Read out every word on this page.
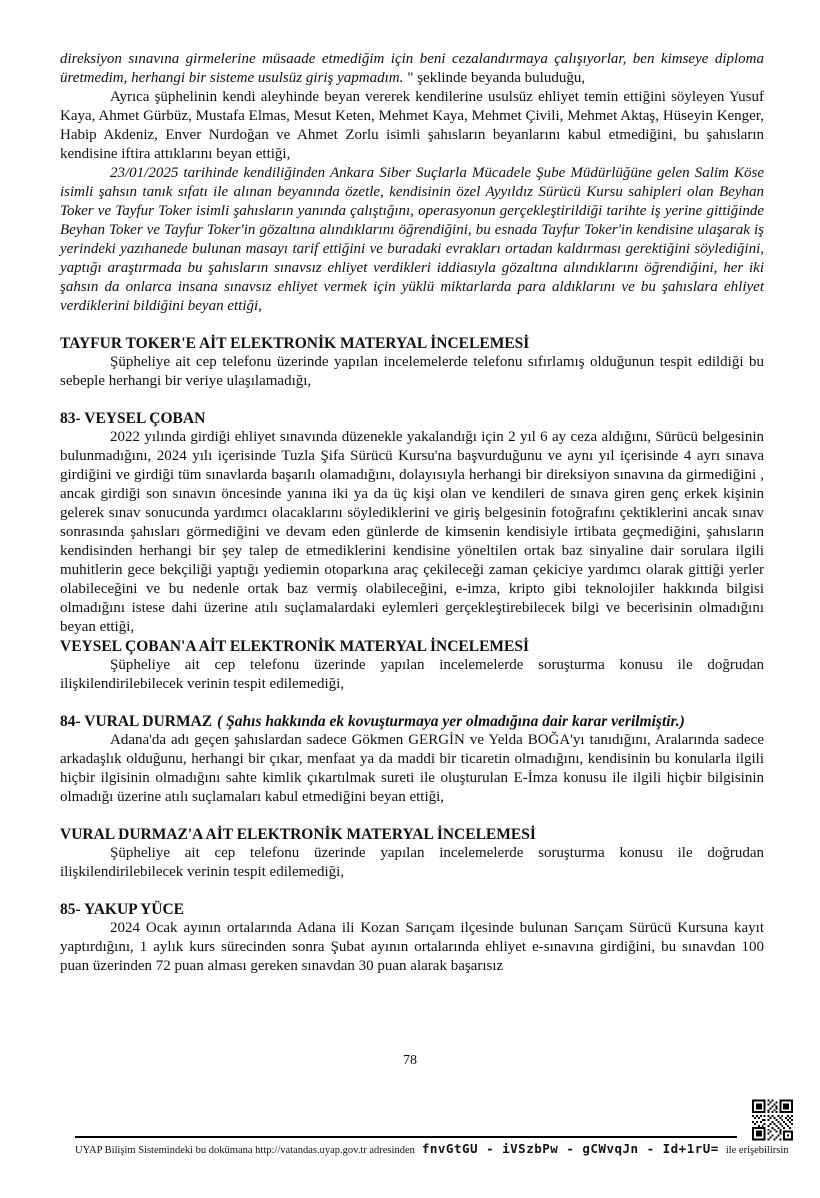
direksiyon sınavına girmelerine müsaade etmediğim için beni cezalandırmaya çalışıyorlar, ben kimseye diploma üretmedim, herhangi bir sisteme usulsüz giriş yapmadım. " şeklinde beyanda buluduğu,

Ayrıca şüphelinin kendi aleyhinde beyan vererek kendilerine usulsüz ehliyet temin ettiğini söyleyen Yusuf Kaya, Ahmet Gürbüz, Mustafa Elmas, Mesut Keten, Mehmet Kaya, Mehmet Çivili, Mehmet Aktaş, Hüseyin Kenger, Habip Akdeniz, Enver Nurdoğan ve Ahmet Zorlu isimli şahısların beyanlarını kabul etmediğini, bu şahısların kendisine iftira attıklarını beyan ettiği,

23/01/2025 tarihinde kendiliğinden Ankara Siber Suçlarla Mücadele Şube Müdürlüğüne gelen Salim Köse isimli şahsın tanık sıfatı ile alınan beyanında özetle, kendisinin özel Ayyıldız Sürücü Kursu sahipleri olan Beyhan Toker ve Tayfur Toker isimli şahısların yanında çalıştığını, operasyonun gerçekleştirildiği tarihte iş yerine gittiğinde Beyhan Toker ve Tayfur Toker'in gözaltına alındıklarını öğrendiğini, bu esnada Tayfur Toker'in kendisine ulaşarak iş yerindeki yazıhanede bulunan masayı tarif ettiğini ve buradaki evrakları ortadan kaldırması gerektiğini söylediğini, yaptığı araştırmada bu şahısların sınavsız ehliyet verdikleri iddiasıyla gözaltına alındıklarını öğrendiğini, her iki şahsın da onlarca insana sınavsız ehliyet vermek için yüklü miktarlarda para aldıklarını ve bu şahıslara ehliyet verdiklerini bildiğini beyan ettiği,

TAYFUR TOKER'E AİT ELEKTRONİK MATERYAL İNCELEMESİ

Şüpheliye ait cep telefonu üzerinde yapılan incelemelerde telefonu sıfırlamış olduğunun tespit edildiği bu sebeple herhangi bir veriye ulaşılamadığı,

83- VEYSEL ÇOBAN

2022 yılında girdiği ehliyet sınavında düzenekle yakalandığı için 2 yıl 6 ay ceza aldığını, Sürücü belgesinin bulunmadığını, 2024 yılı içerisinde Tuzla Şifa Sürücü Kursu'na başvurduğunu ve aynı yıl içerisinde 4 ayrı sınava girdiğini ve girdiği tüm sınavlarda başarılı olamadığını, dolayısıyla herhangi bir direksiyon sınavına da girmediğini , ancak girdiği son sınavın öncesinde yanına iki ya da üç kişi olan ve kendileri de sınava giren genç erkek kişinin gelerek sınav sonucunda yardımcı olacaklarını söylediklerini ve giriş belgesinin fotoğrafını çektiklerini ancak sınav sonrasında şahısları görmediğini ve devam eden günlerde de kimsenin kendisiyle irtibata geçmediğini, şahısların kendisinden herhangi bir şey talep de etmediklerini kendisine yöneltilen ortak baz sinyaline dair sorulara ilgili muhitlerin gece bekçiliği yaptığı yediemin otoparkına araç çekileceği zaman çekiciye yardımcı olarak gittiği yerler olabileceğini ve bu nedenle ortak baz vermiş olabileceğini, e-imza, kripto gibi teknolojiler hakkında bilgisi olmadığını istese dahi üzerine atılı suçlamalardaki eylemleri gerçekleştirebilecek bilgi ve becerisinin olmadığını beyan ettiği,

VEYSEL ÇOBAN'A AİT ELEKTRONİK MATERYAL İNCELEMESİ

Şüpheliye ait cep telefonu üzerinde yapılan incelemelerde soruşturma konusu ile doğrudan ilişkilendirilebilecek verinin tespit edilemediği,

84- VURAL DURMAZ ( Şahıs hakkında ek kovuşturmaya yer olmadığına dair karar verilmiştir.)

Adana'da adı geçen şahıslardan sadece Gökmen GERGİN ve Yelda BOĞA'yı tanıdığını, Aralarında sadece arkadaşlık olduğunu, herhangi bir çıkar, menfaat ya da maddi bir ticaretin olmadığını, kendisinin bu konularla ilgili hiçbir ilgisinin olmadığını sahte kimlik çıkartılmak sureti ile oluşturulan E-İmza konusu ile ilgili hiçbir bilgisinin olmadığı üzerine atılı suçlamaları kabul etmediğini beyan ettiği,

VURAL DURMAZ'A AİT ELEKTRONİK MATERYAL İNCELEMESİ

Şüpheliye ait cep telefonu üzerinde yapılan incelemelerde soruşturma konusu ile doğrudan ilişkilendirilebilecek verinin tespit edilemediği,

85- YAKUP YÜCE

2024 Ocak ayının ortalarında Adana ili Kozan Sarıçam ilçesinde bulunan Sarıçam Sürücü Kursuna kayıt yaptırdığını, 1 aylık kurs sürecinden sonra Şubat ayının ortalarında ehliyet e-sınavına girdiğini, bu sınavdan 100 puan üzerinden 72 puan alması gereken sınavdan 30 puan alarak başarısız

78
UYAP Bilişim Sistemindeki bu dokümana http://vatandas.uyap.gov.tr adresinden fnvGtGU - iVSzbPw - gCWvqJn - Id+1rU= ile erişebilirsin
